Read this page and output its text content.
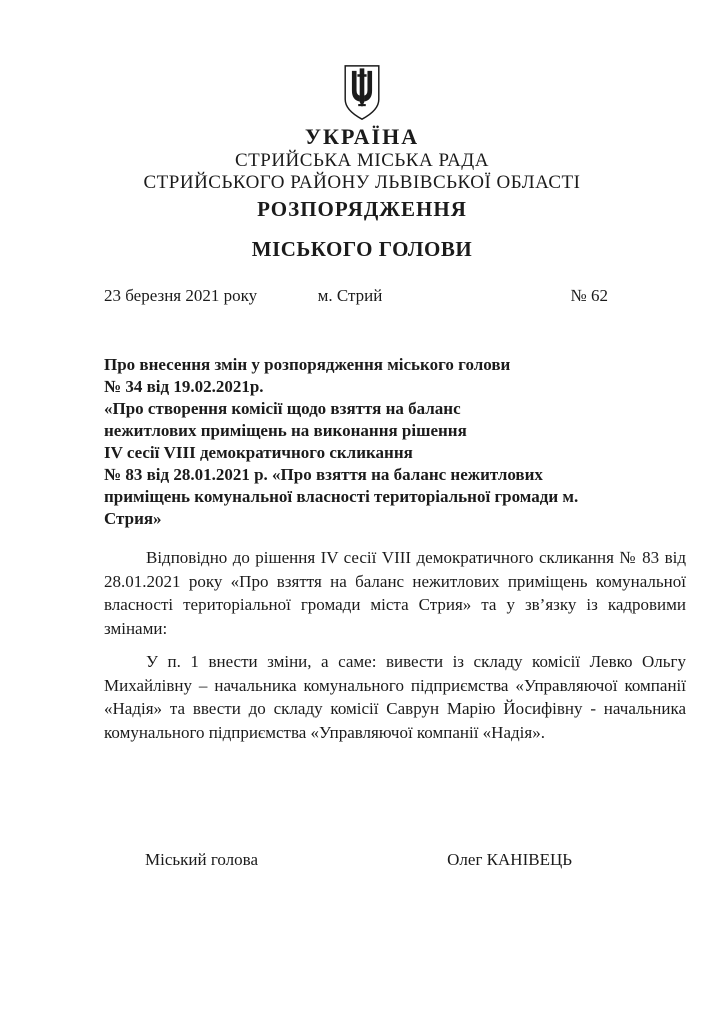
УКРАЇНА
СТРИЙСЬКА МІСЬКА РАДА
СТРИЙСЬКОГО РАЙОНУ ЛЬВІВСЬКОЇ ОБЛАСТІ
РОЗПОРЯДЖЕННЯ
МІСЬКОГО ГОЛОВИ
23 березня 2021 року	м. Стрий	№ 62
Про внесення змін у розпорядження міського голови
№ 34 від 19.02.2021р.
«Про створення комісії щодо взяття на баланс
нежитлових приміщень на виконання рішення
IV сесії VIII демократичного скликання
№ 83 від 28.01.2021 р. «Про взяття на баланс нежитлових
приміщень комунальної власності територіальної громади м. Стрия»

Відповідно до рішення IV сесії VIII демократичного скликання № 83 від 28.01.2021 року «Про взяття на баланс нежитлових приміщень комунальної власності територіальної громади міста Стрия» та у зв’язку із кадровими змінами:

У п. 1 внести зміни, а саме: вивести із складу комісії Левко Ольгу Михайлівну – начальника комунального підприємства «Управляючої компанії «Надія» та ввести до складу комісії Саврун Марію Йосифівну - начальника комунального підприємства «Управляючої компанії «Надія».

Міський голова	Олег КАНІВЕЦЬ
